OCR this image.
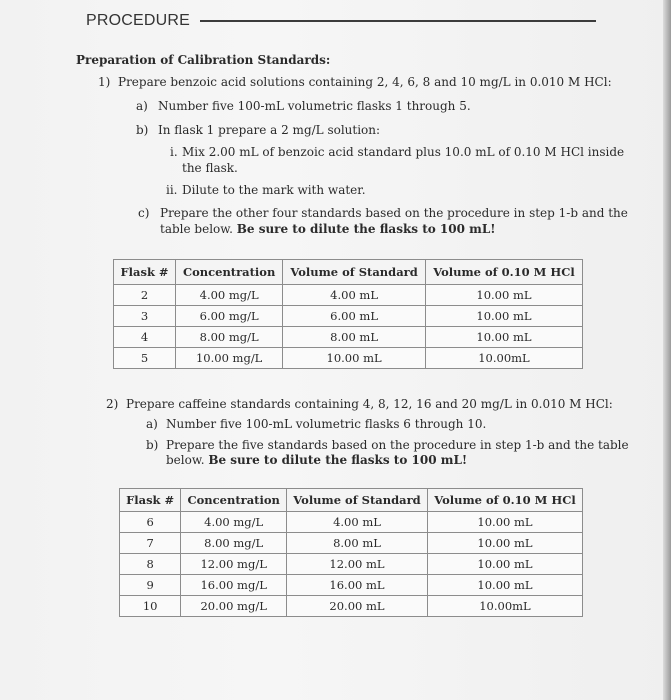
PROCEDURE
Preparation of Calibration Standards:
1) Prepare benzoic acid solutions containing 2, 4, 6, 8 and 10 mg/L in 0.010 M HCl:
a) Number five 100-mL volumetric flasks 1 through 5.
b) In flask 1 prepare a 2 mg/L solution:
i. Mix 2.00 mL of benzoic acid standard plus 10.0 mL of 0.10 M HCl inside
the flask.
ii. Dilute to the mark with water.
c) Prepare the other four standards based on the procedure in step 1-b and the
table below. Be sure to dilute the flasks to 100 mL!
Flask #	Concentration	Volume of Standard	Volume of 0.10 M HCl
2	4.00 mg/L	4.00 mL	10.00 mL
3	6.00 mg/L	6.00 mL	10.00 mL
4	8.00 mg/L	8.00 mL	10.00 mL
5	10.00 mg/L	10.00 mL	10.00mL
2) Prepare caffeine standards containing 4, 8, 12, 16 and 20 mg/L in 0.010 M HCl:
a) Number five 100-mL volumetric flasks 6 through 10.
b) Prepare the five standards based on the procedure in step 1-b and the table
below. Be sure to dilute the flasks to 100 mL!
Flask #	Concentration	Volume of Standard	Volume of 0.10 M HCl
6	4.00 mg/L	4.00 mL	10.00 mL
7	8.00 mg/L	8.00 mL	10.00 mL
8	12.00 mg/L	12.00 mL	10.00 mL
9	16.00 mg/L	16.00 mL	10.00 mL
10	20.00 mg/L	20.00 mL	10.00mL
